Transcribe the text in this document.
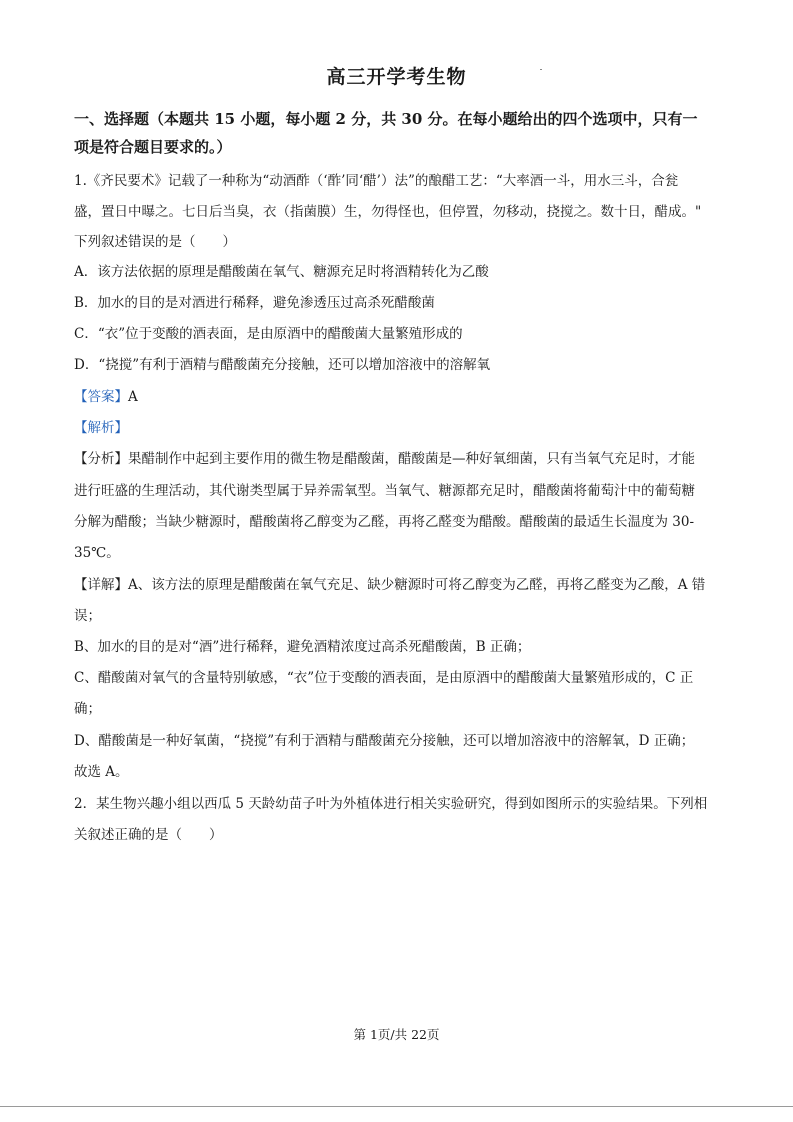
高三开学考生物
一、选择题（本题共 15 小题，每小题 2 分，共 30 分。在每小题给出的四个选项中，只有一
项是符合题目要求的。）
1.《齐民要术》记载了一种称为“动酒酢（‘酢’同‘醋’）法”的酿醋工艺：“大率酒一斗，用水三斗，合瓮
盛，置日中曝之。七日后当臭，衣（指菌膜）生，勿得怪也，但停置，勿移动，挠搅之。数十日，醋成。"
下列叙述错误的是（　　）
A．该方法依据的原理是醋酸菌在氧气、糖源充足时将酒精转化为乙酸
B．加水的目的是对酒进行稀释，避免渗透压过高杀死醋酸菌
C．“衣”位于变酸的酒表面，是由原酒中的醋酸菌大量繁殖形成的
D．“挠搅”有利于酒精与醋酸菌充分接触，还可以增加溶液中的溶解氧
【答案】A
【解析】
【分析】果醋制作中起到主要作用的微生物是醋酸菌，醋酸菌是—种好氧细菌，只有当氧气充足时，才能
进行旺盛的生理活动，其代谢类型属于异养需氧型。当氧气、糖源都充足时，醋酸菌将葡萄汁中的葡萄糖
分解为醋酸；当缺少糖源时，醋酸菌将乙醇变为乙醛，再将乙醛变为醋酸。醋酸菌的最适生长温度为 30-
35℃。
【详解】A、该方法的原理是醋酸菌在氧气充足、缺少糖源时可将乙醇变为乙醛，再将乙醛变为乙酸，A 错
误；
B、加水的目的是对“酒”进行稀释，避免酒精浓度过高杀死醋酸菌，B 正确；
C、醋酸菌对氧气的含量特别敏感，“衣”位于变酸的酒表面，是由原酒中的醋酸菌大量繁殖形成的，C 正
确；
D、醋酸菌是一种好氧菌，“挠搅”有利于酒精与醋酸菌充分接触，还可以增加溶液中的溶解氧，D 正确；
故选 A。
2．某生物兴趣小组以西瓜 5 天龄幼苗子叶为外植体进行相关实验研究，得到如图所示的实验结果。下列相
关叙述正确的是（　　）
第 1页/共 22页
